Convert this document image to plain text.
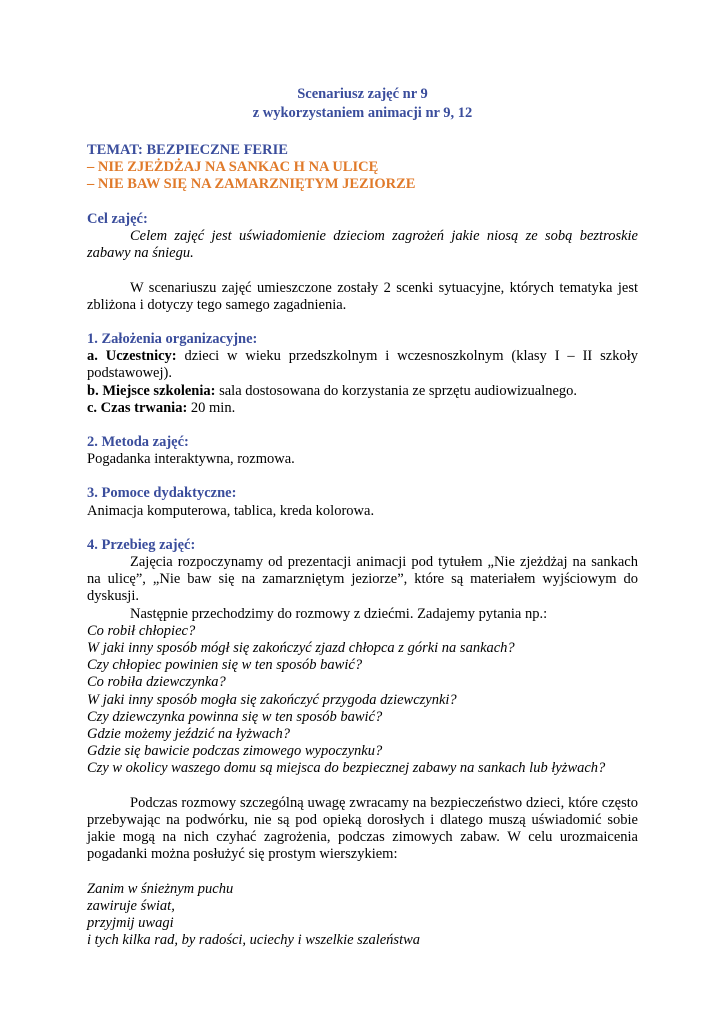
Scenariusz zajęć nr 9
z wykorzystaniem animacji nr 9, 12
TEMAT: BEZPIECZNE FERIE
– NIE ZJEŻDŻAJ NA SANKAC H NA ULICĘ
– NIE BAW SIĘ NA ZAMARZNIĘTYM JEZIORZE
Cel zajęć:

Celem zajęć jest uświadomienie dzieciom zagrożeń jakie niosą ze sobą beztroskie zabawy na śniegu.

W scenariuszu zajęć umieszczone zostały 2 scenki sytuacyjne, których tematyka jest zbliżona i dotyczy tego samego zagadnienia.

1. Założenia organizacyjne:

a. Uczestnicy: dzieci w wieku przedszkolnym i wczesnoszkolnym (klasy I – II szkoły podstawowej).

b. Miejsce szkolenia: sala dostosowana do korzystania ze sprzętu audiowizualnego.

c. Czas trwania: 20 min.

2. Metoda zajęć:

Pogadanka interaktywna, rozmowa.

3. Pomoce dydaktyczne:

Animacja komputerowa, tablica, kreda kolorowa.

4. Przebieg zajęć:

Zajęcia rozpoczynamy od prezentacji animacji pod tytułem „Nie zjeżdżaj na sankach na ulicę”, „Nie baw się na zamarzniętym jeziorze”, które są materiałem wyjściowym do dyskusji.

Następnie przechodzimy do rozmowy z dziećmi. Zadajemy pytania np.:

Co robił chłopiec?
W jaki inny sposób mógł się zakończyć zjazd chłopca z górki na sankach?
Czy chłopiec powinien się w ten sposób bawić?
Co robiła dziewczynka?
W jaki inny sposób mogła się zakończyć przygoda dziewczynki?
Czy dziewczynka powinna się w ten sposób bawić?
Gdzie możemy jeździć na łyżwach?
Gdzie się bawicie podczas zimowego wypoczynku?
Czy w okolicy waszego domu są miejsca do bezpiecznej zabawy na sankach lub łyżwach?

Podczas rozmowy szczególną uwagę zwracamy na bezpieczeństwo dzieci, które często przebywając na podwórku, nie są pod opieką dorosłych i dlatego muszą uświadomić sobie jakie mogą na nich czyhać zagrożenia, podczas zimowych zabaw. W celu urozmaicenia pogadanki można posłużyć się prostym wierszykiem:

Zanim w śnieżnym puchu
zawiruje świat,
przyjmij uwagi
i tych kilka rad, by radości, uciechy i wszelkie szaleństwa
